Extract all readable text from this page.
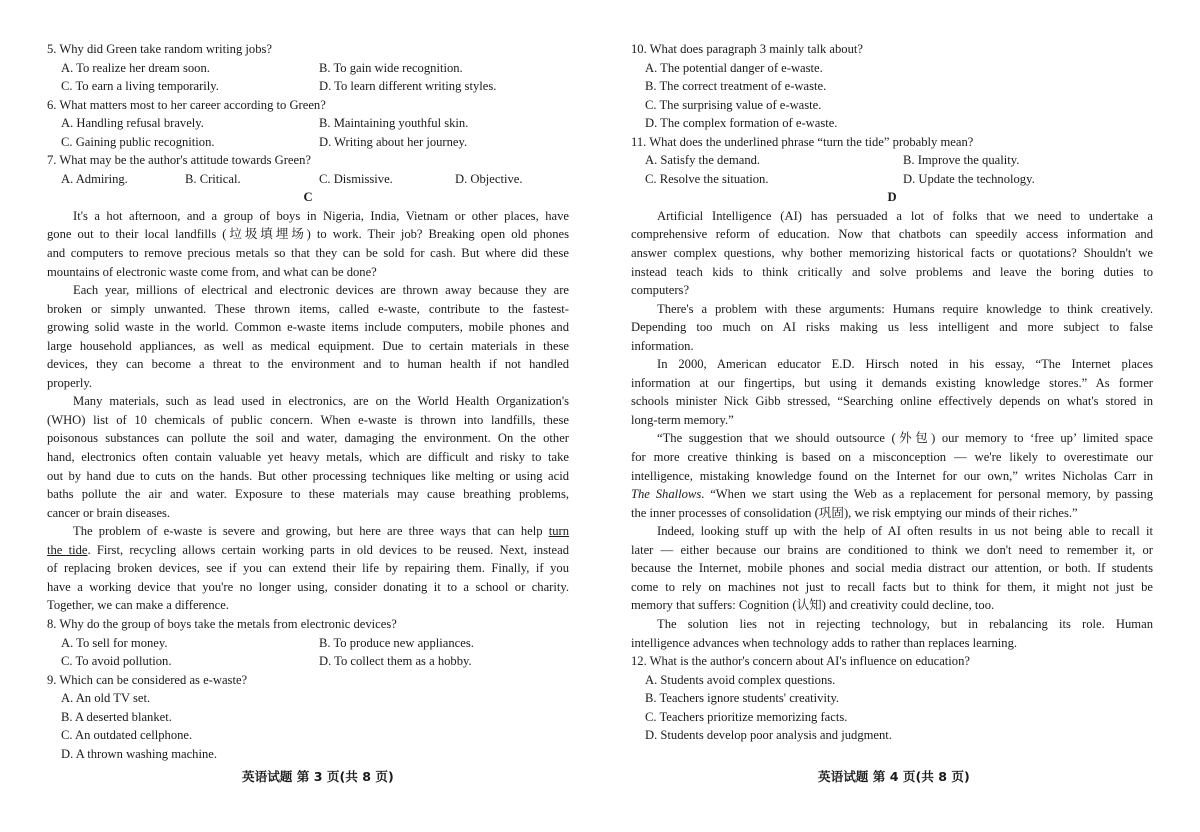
5. Why did Green take random writing jobs?
A. To realize her dream soon.	B. To gain wide recognition.
C. To earn a living temporarily.	D. To learn different writing styles.
6. What matters most to her career according to Green?
A. Handling refusal bravely.	B. Maintaining youthful skin.
C. Gaining public recognition.	D. Writing about her journey.
7. What may be the author's attitude towards Green?
A. Admiring.	B. Critical.	C. Dismissive.	D. Objective.
C
It's a hot afternoon, and a group of boys in Nigeria, India, Vietnam or other places, have
gone out to their local landfills (垃圾填埋场) to work. Their job? Breaking open old phones
and computers to remove precious metals so that they can be sold for cash. But where did these
mountains of electronic waste come from, and what can be done?
Each year, millions of electrical and electronic devices are thrown away because they are
broken or simply unwanted. These thrown items, called e-waste, contribute to the fastest-
growing solid waste in the world. Common e-waste items include computers, mobile phones and
large household appliances, as well as medical equipment. Due to certain materials in these
devices, they can become a threat to the environment and to human health if not handled
properly.
Many materials, such as lead used in electronics, are on the World Health Organization's
(WHO) list of 10 chemicals of public concern. When e-waste is thrown into landfills, these
poisonous substances can pollute the soil and water, damaging the environment. On the other
hand, electronics often contain valuable yet heavy metals, which are difficult and risky to take
out by hand due to cuts on the hands. But other processing techniques like melting or using acid
baths pollute the air and water. Exposure to these materials may cause breathing problems,
cancer or brain diseases.
The problem of e-waste is severe and growing, but here are three ways that can help turn
the tide. First, recycling allows certain working parts in old devices to be reused. Next, instead
of replacing broken devices, see if you can extend their life by repairing them. Finally, if you
have a working device that you're no longer using, consider donating it to a school or charity.
Together, we can make a difference.
8. Why do the group of boys take the metals from electronic devices?
A. To sell for money.	B. To produce new appliances.
C. To avoid pollution.	D. To collect them as a hobby.
9. Which can be considered as e-waste?
A. An old TV set.
B. A deserted blanket.
C. An outdated cellphone.
D. A thrown washing machine.
英语试题 第 3 页(共 8 页)
10. What does paragraph 3 mainly talk about?
A. The potential danger of e-waste.
B. The correct treatment of e-waste.
C. The surprising value of e-waste.
D. The complex formation of e-waste.
11. What does the underlined phrase “turn the tide” probably mean?
A. Satisfy the demand.	B. Improve the quality.
C. Resolve the situation.	D. Update the technology.
D
Artificial Intelligence (AI) has persuaded a lot of folks that we need to undertake a
comprehensive reform of education. Now that chatbots can speedily access information and
answer complex questions, why bother memorizing historical facts or quotations? Shouldn't we
instead teach kids to think critically and solve problems and leave the boring duties to
computers?
There's a problem with these arguments: Humans require knowledge to think creatively.
Depending too much on AI risks making us less intelligent and more subject to false
information.
In 2000, American educator E.D. Hirsch noted in his essay, “The Internet places
information at our fingertips, but using it demands existing knowledge stores.” As former
schools minister Nick Gibb stressed, “Searching online effectively depends on what's stored in
long-term memory.”
“The suggestion that we should outsource (外包) our memory to ‘free up’ limited space
for more creative thinking is based on a misconception — we're likely to overestimate our
intelligence, mistaking knowledge found on the Internet for our own,” writes Nicholas Carr in
The Shallows. “When we start using the Web as a replacement for personal memory, by passing
the inner processes of consolidation (巩固), we risk emptying our minds of their riches.”
Indeed, looking stuff up with the help of AI often results in us not being able to recall it
later — either because our brains are conditioned to think we don't need to remember it, or
because the Internet, mobile phones and social media distract our attention, or both. If students
come to rely on machines not just to recall facts but to think for them, it might not just be
memory that suffers: Cognition (认知) and creativity could decline, too.
The solution lies not in rejecting technology, but in rebalancing its role. Human
intelligence advances when technology adds to rather than replaces learning.
12. What is the author's concern about AI's influence on education?
A. Students avoid complex questions.
B. Teachers ignore students' creativity.
C. Teachers prioritize memorizing facts.
D. Students develop poor analysis and judgment.
英语试题 第 4 页(共 8 页)
